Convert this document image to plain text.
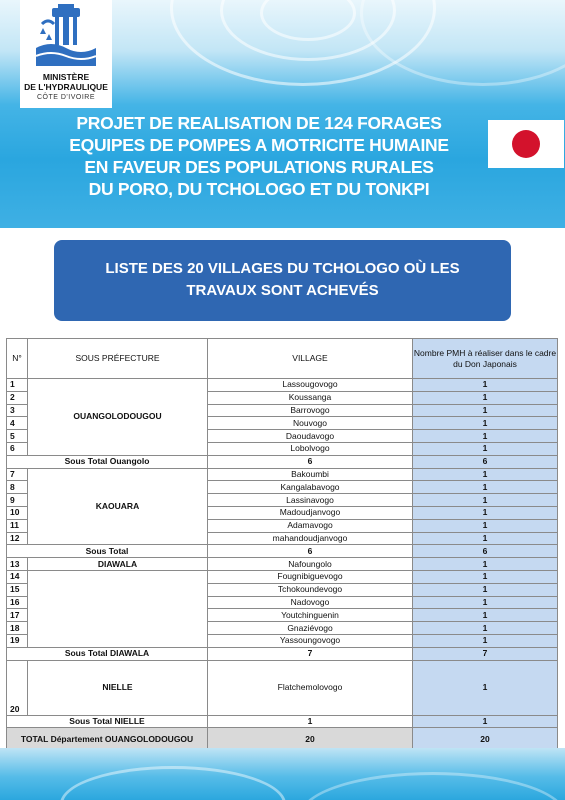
MINISTÈRE
DE L'HYDRAULIQUE
CÔTE D'IVOIRE
PROJET DE REALISATION DE 124 FORAGES
EQUIPES DE POMPES A MOTRICITE HUMAINE
EN FAVEUR DES POPULATIONS RURALES
DU PORO, DU TCHOLOGO ET DU TONKPI
LISTE DES 20 VILLAGES DU TCHOLOGO OÙ LES
TRAVAUX SONT ACHEVÉS
N°	SOUS PRÉFECTURE	VILLAGE	Nombre PMH à réaliser dans le cadre du Don Japonais
1	OUANGOLODOUGOU	Lassougovogo	1
2		Koussanga	1
3		Barrovogo	1
4		Nouvogo	1
5		Daoudavogo	1
6		Lobolvogo	1
Sous Total Ouangolo		6	6
7	KAOUARA	Bakoumbi	1
8		Kangalabavogo	1
9		Lassinavogo	1
10		Madoudjanvogo	1
11		Adamavogo	1
12		mahandoudjanvogo	1
Sous Total		6	6
13	DIAWALA	Nafoungolo	1
14		Fougnibiguevogo	1
15		Tchokoundevogo	1
16		Nadovogo	1
17		Youtchinguenin	1
18		Gnaziévogo	1
19		Yassoungovogo	1
Sous Total DIAWALA		7	7
20	NIELLE	Flatchemolovogo	1
Sous Total NIELLE		1	1
TOTAL Département OUANGOLODOUGOU		20	20
